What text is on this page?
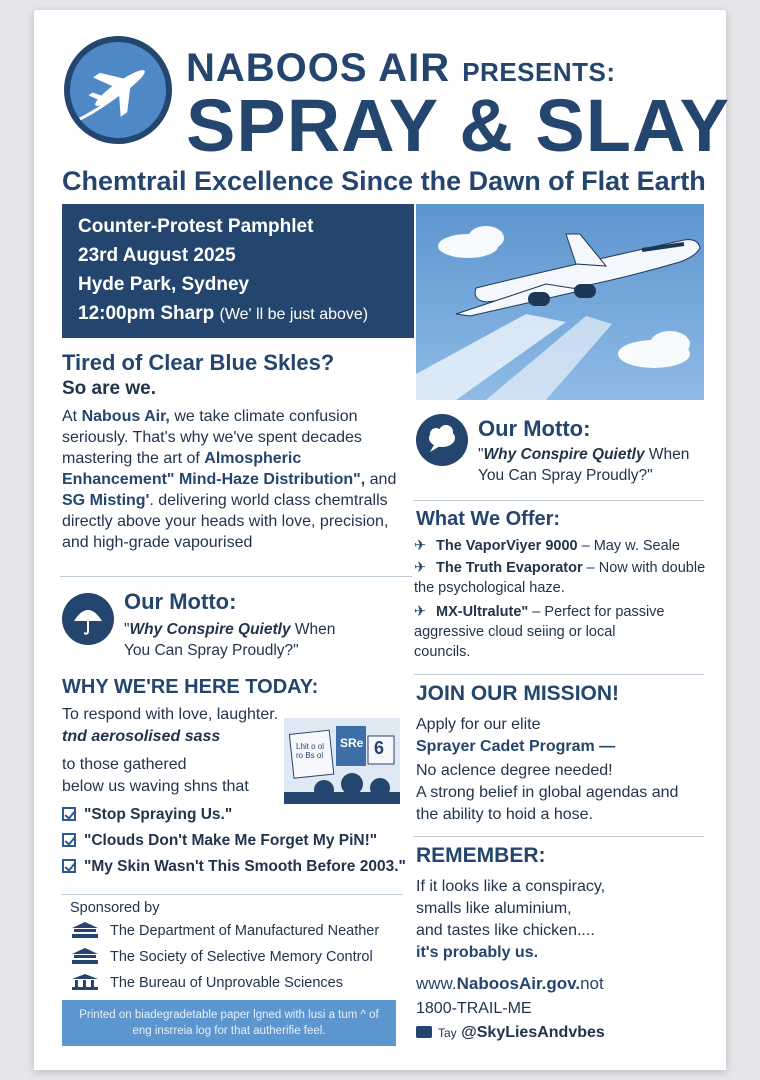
NABOOS AIR PRESENTS:
SPRAY & SLAY
Chemtrail Excellence Since the Dawn of Flat Earth
Counter-Protest Pamphlet
23rd August 2025
Hyde Park, Sydney
12:00pm Sharp (We' ll be just above)
Tired of Clear Blue Skles?
So are we.
At Nabous Air, we take climate confusion seriously. That's why we've spent decades mastering the art of Almospheric Enhancement" Mind-Haze Distribution", and SG Misting'. delivering world class chemtralls directly above your heads with love, precision, and high-grade vapourised
Our Motto:
"Why Conspire Quietly When
You Can Spray Proudly?"
WHY WE'RE HERE TODAY:
To respond with love, laughter.
tnd aerosolised sass
to those gathered
below us waving shns that
Lhit o ol ro Bs ol
SRe 6
"Stop Spraying Us."
"Clouds Don't Make Me Forget My PiN!"
"My Skin Wasn't This Smooth Before 2003."
Sponsored by
The Department of Manufactured Neather
The Society of Selective Memory Control
The Bureau of Unprovable Sciences
Printed on biadegradetable paper lgned with lusi a tum ^ of eng insrreia log for that autherifie feel.
Our Motto:
"Why Conspire Quietly When
You Can Spray Proudly?"
What We Offer:
✈ The VaporViyer 9000 – May w. Seale
✈ The Truth Evaporator – Now with double the psychological haze.
✈ MX-Ultralute" – Perfect for passive aggressive cloud seiing or local councils.
JOIN OUR MISSION!
Apply for our elite
Sprayer Cadet Program —
No aclence degree needed!
A strong belief in global agendas and
the ability to hoid a hose.
REMEMBER:
If it looks like a conspiracy,
smalls like aluminium,
and tastes like chicken....
it's probably us.
www.NaboosAir.gov.not
1800-TRAIL-ME
Tay @SkyLiesAndvbes
